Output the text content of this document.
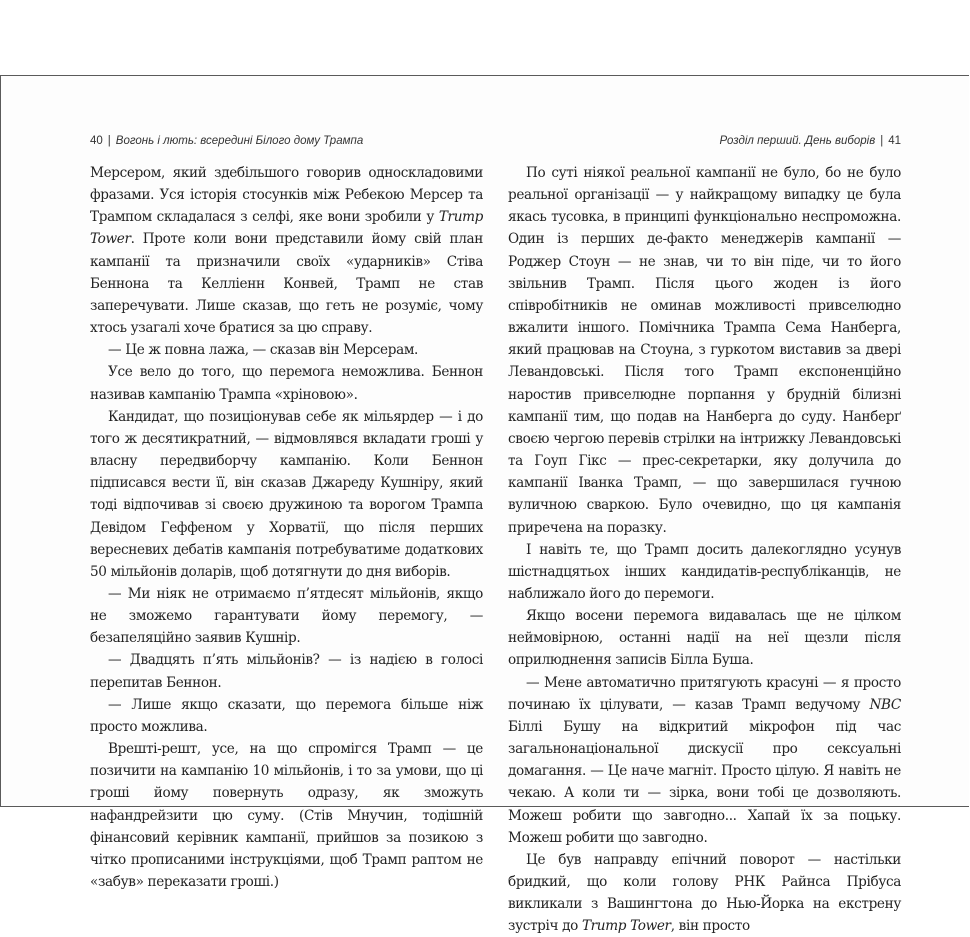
40 | Вогонь і лють: всередині Білого дому Трампа

Мерсером, який здебільшого говорив односкладовими фразами. Уся історія стосунків між Ребекою Мерсер та Трампом складалася з селфі, яке вони зробили у Trump Tower. Проте коли вони представили йому свій план кампанії та призначили своїх «ударників» Стіва Беннона та Келліенн Конвей, Трамп не став заперечувати. Лише сказав, що геть не розуміє, чому хтось узагалі хоче братися за цю справу.

— Це ж повна лажа, — сказав він Мерсерам.

Усе вело до того, що перемога неможлива. Беннон називав кампанію Трампа «хріновою».

Кандидат, що позиціонував себе як мільярдер — і до того ж десятикратний, — відмовлявся вкладати гроші у власну передвиборчу кампанію. Коли Беннон підписався вести її, він сказав Джареду Кушніру, який тоді відпочивав зі своєю дружиною та ворогом Трампа Девідом Геффеном у Хорватії, що після перших вересневих дебатів кампанія потребуватиме додаткових 50 мільйонів доларів, щоб дотягнути до дня виборів.

— Ми ніяк не отримаємо п’ятдесят мільйонів, якщо не зможемо гарантувати йому перемогу, — безапеляційно заявив Кушнір.

— Двадцять п’ять мільйонів? — із надією в голосі перепитав Беннон.

— Лише якщо сказати, що перемога більше ніж просто можлива.

Врешті-решт, усе, на що спромігся Трамп — це позичити на кампанію 10 мільйонів, і то за умови, що ці гроші йому повернуть одразу, як зможуть нафандрейзити цю суму. (Стів Мнучин, тодішній фінансовий керівник кампанії, прийшов за позикою з чітко прописаними інструкціями, щоб Трамп раптом не «забув» переказати гроші.)

Розділ перший. День виборів | 41

По суті ніякої реальної кампанії не було, бо не було реальної організації — у найкращому випадку це була якась тусовка, в принципі функціонально неспроможна. Один із перших де-факто менеджерів кампанії — Роджер Стоун — не знав, чи то він піде, чи то його звільнив Трамп. Після цього жоден із його співробітників не оминав можливості привселюдно вжалити іншого. Помічника Трампа Сема Нанберга, який працював на Стоуна, з гуркотом виставив за двері Левандовські. Після того Трамп експоненційно наростив привселюдне порпання у брудній білизні кампанії тим, що подав на Нанберга до суду. Нанберґ своєю чергою перевів стрілки на інтрижку Левандовські та Гоуп Гікс — прес-секретарки, яку долучила до кампанії Іванка Трамп, — що завершилася гучною вуличною сваркою. Було очевидно, що ця кампанія приречена на поразку.

І навіть те, що Трамп досить далекоглядно усунув шістнадцятьох інших кандидатів-республіканців, не наближало його до перемоги.

Якщо восени перемога видавалась ще не цілком неймовірною, останні надії на неї щезли після оприлюднення записів Білла Буша.

— Мене автоматично притягують красуні — я просто починаю їх цілувати, — казав Трамп ведучому NBC Біллі Бушу на відкритий мікрофон під час загальнонаціональної дискусії про сексуальні домагання. — Це наче магніт. Просто цілую. Я навіть не чекаю. А коли ти — зірка, вони тобі це дозволяють. Можеш робити що завгодно... Хапай їх за поцьку. Можеш робити що завгодно.

Це був направду епічний поворот — настільки бридкий, що коли голову РНК Райнса Прібуса викликали з Вашингтона до Нью-Йорка на екстрену зустріч до Trump Tower, він просто
